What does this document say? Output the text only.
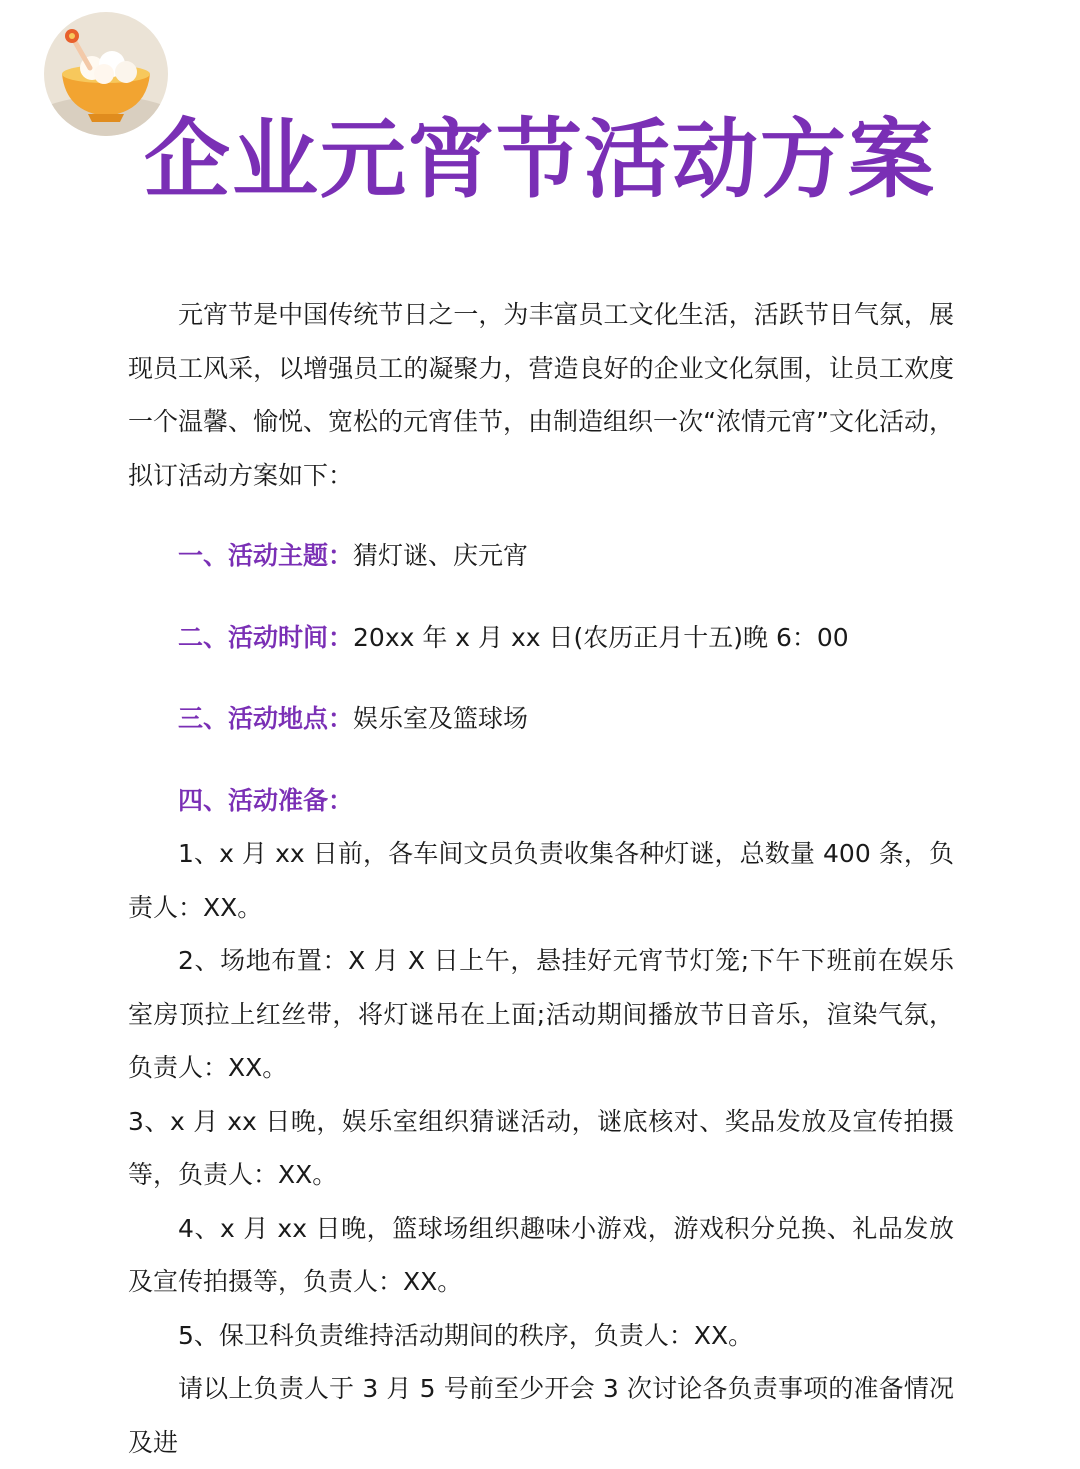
企业元宵节活动方案

元宵节是中国传统节日之一，为丰富员工文化生活，活跃节日气氛，展现员工风采，以增强员工的凝聚力，营造良好的企业文化氛围，让员工欢度一个温馨、愉悦、宽松的元宵佳节，由制造组织一次“浓情元宵”文化活动，拟订活动方案如下：

一、活动主题：猜灯谜、庆元宵

二、活动时间：20xx 年 x 月 xx 日(农历正月十五)晚 6：00

三、活动地点：娱乐室及篮球场

四、活动准备：

1、x 月 xx 日前，各车间文员负责收集各种灯谜，总数量 400 条，负责人：XX。

2、场地布置：X 月 X 日上午，悬挂好元宵节灯笼;下午下班前在娱乐室房顶拉上红丝带，将灯谜吊在上面;活动期间播放节日音乐，渲染气氛，负责人：XX。

3、x 月 xx 日晚，娱乐室组织猜谜活动，谜底核对、奖品发放及宣传拍摄等，负责人：XX。

4、x 月 xx 日晚，篮球场组织趣味小游戏，游戏积分兑换、礼品发放及宣传拍摄等，负责人：XX。

5、保卫科负责维持活动期间的秩序，负责人：XX。

请以上负责人于 3 月 5 号前至少开会 3 次讨论各负责事项的准备情况及进
